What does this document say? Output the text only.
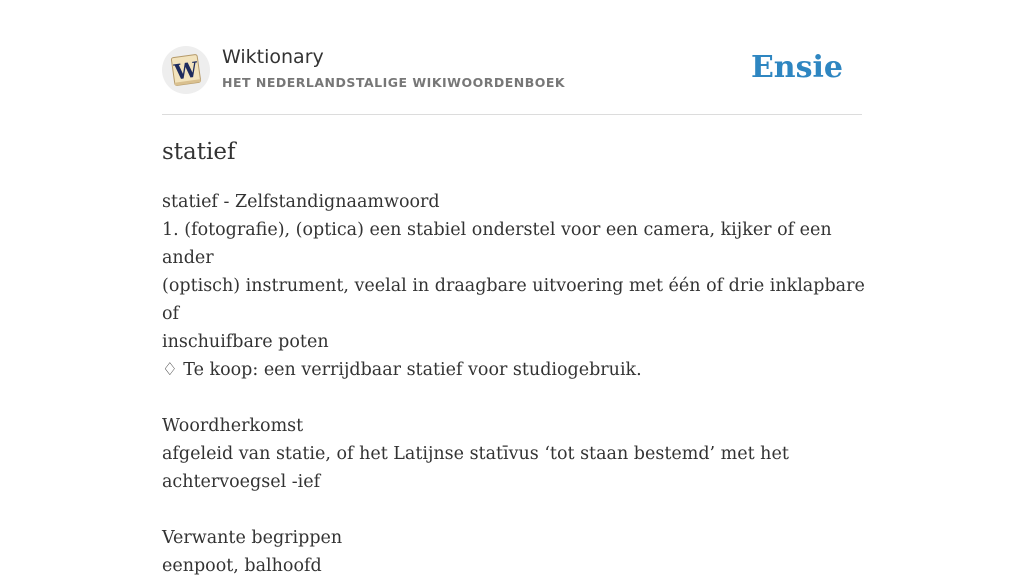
W Wiktionary
HET NEDERLANDSTALIGE WIKIWOORDENBOEK	Ensie
statief

statief - Zelfstandignaamwoord
1. (fotografie), (optica) een stabiel onderstel voor een camera, kijker of een ander
(optisch) instrument, veelal in draagbare uitvoering met één of drie inklapbare of
inschuifbare poten
♢ Te koop: een verrijdbaar statief voor studiogebruik.

Woordherkomst
afgeleid van statie, of het Latijnse statīvus ‘tot staan bestemd’ met het
achtervoegsel -ief

Verwante begrippen
eenpoot, balhoofd
